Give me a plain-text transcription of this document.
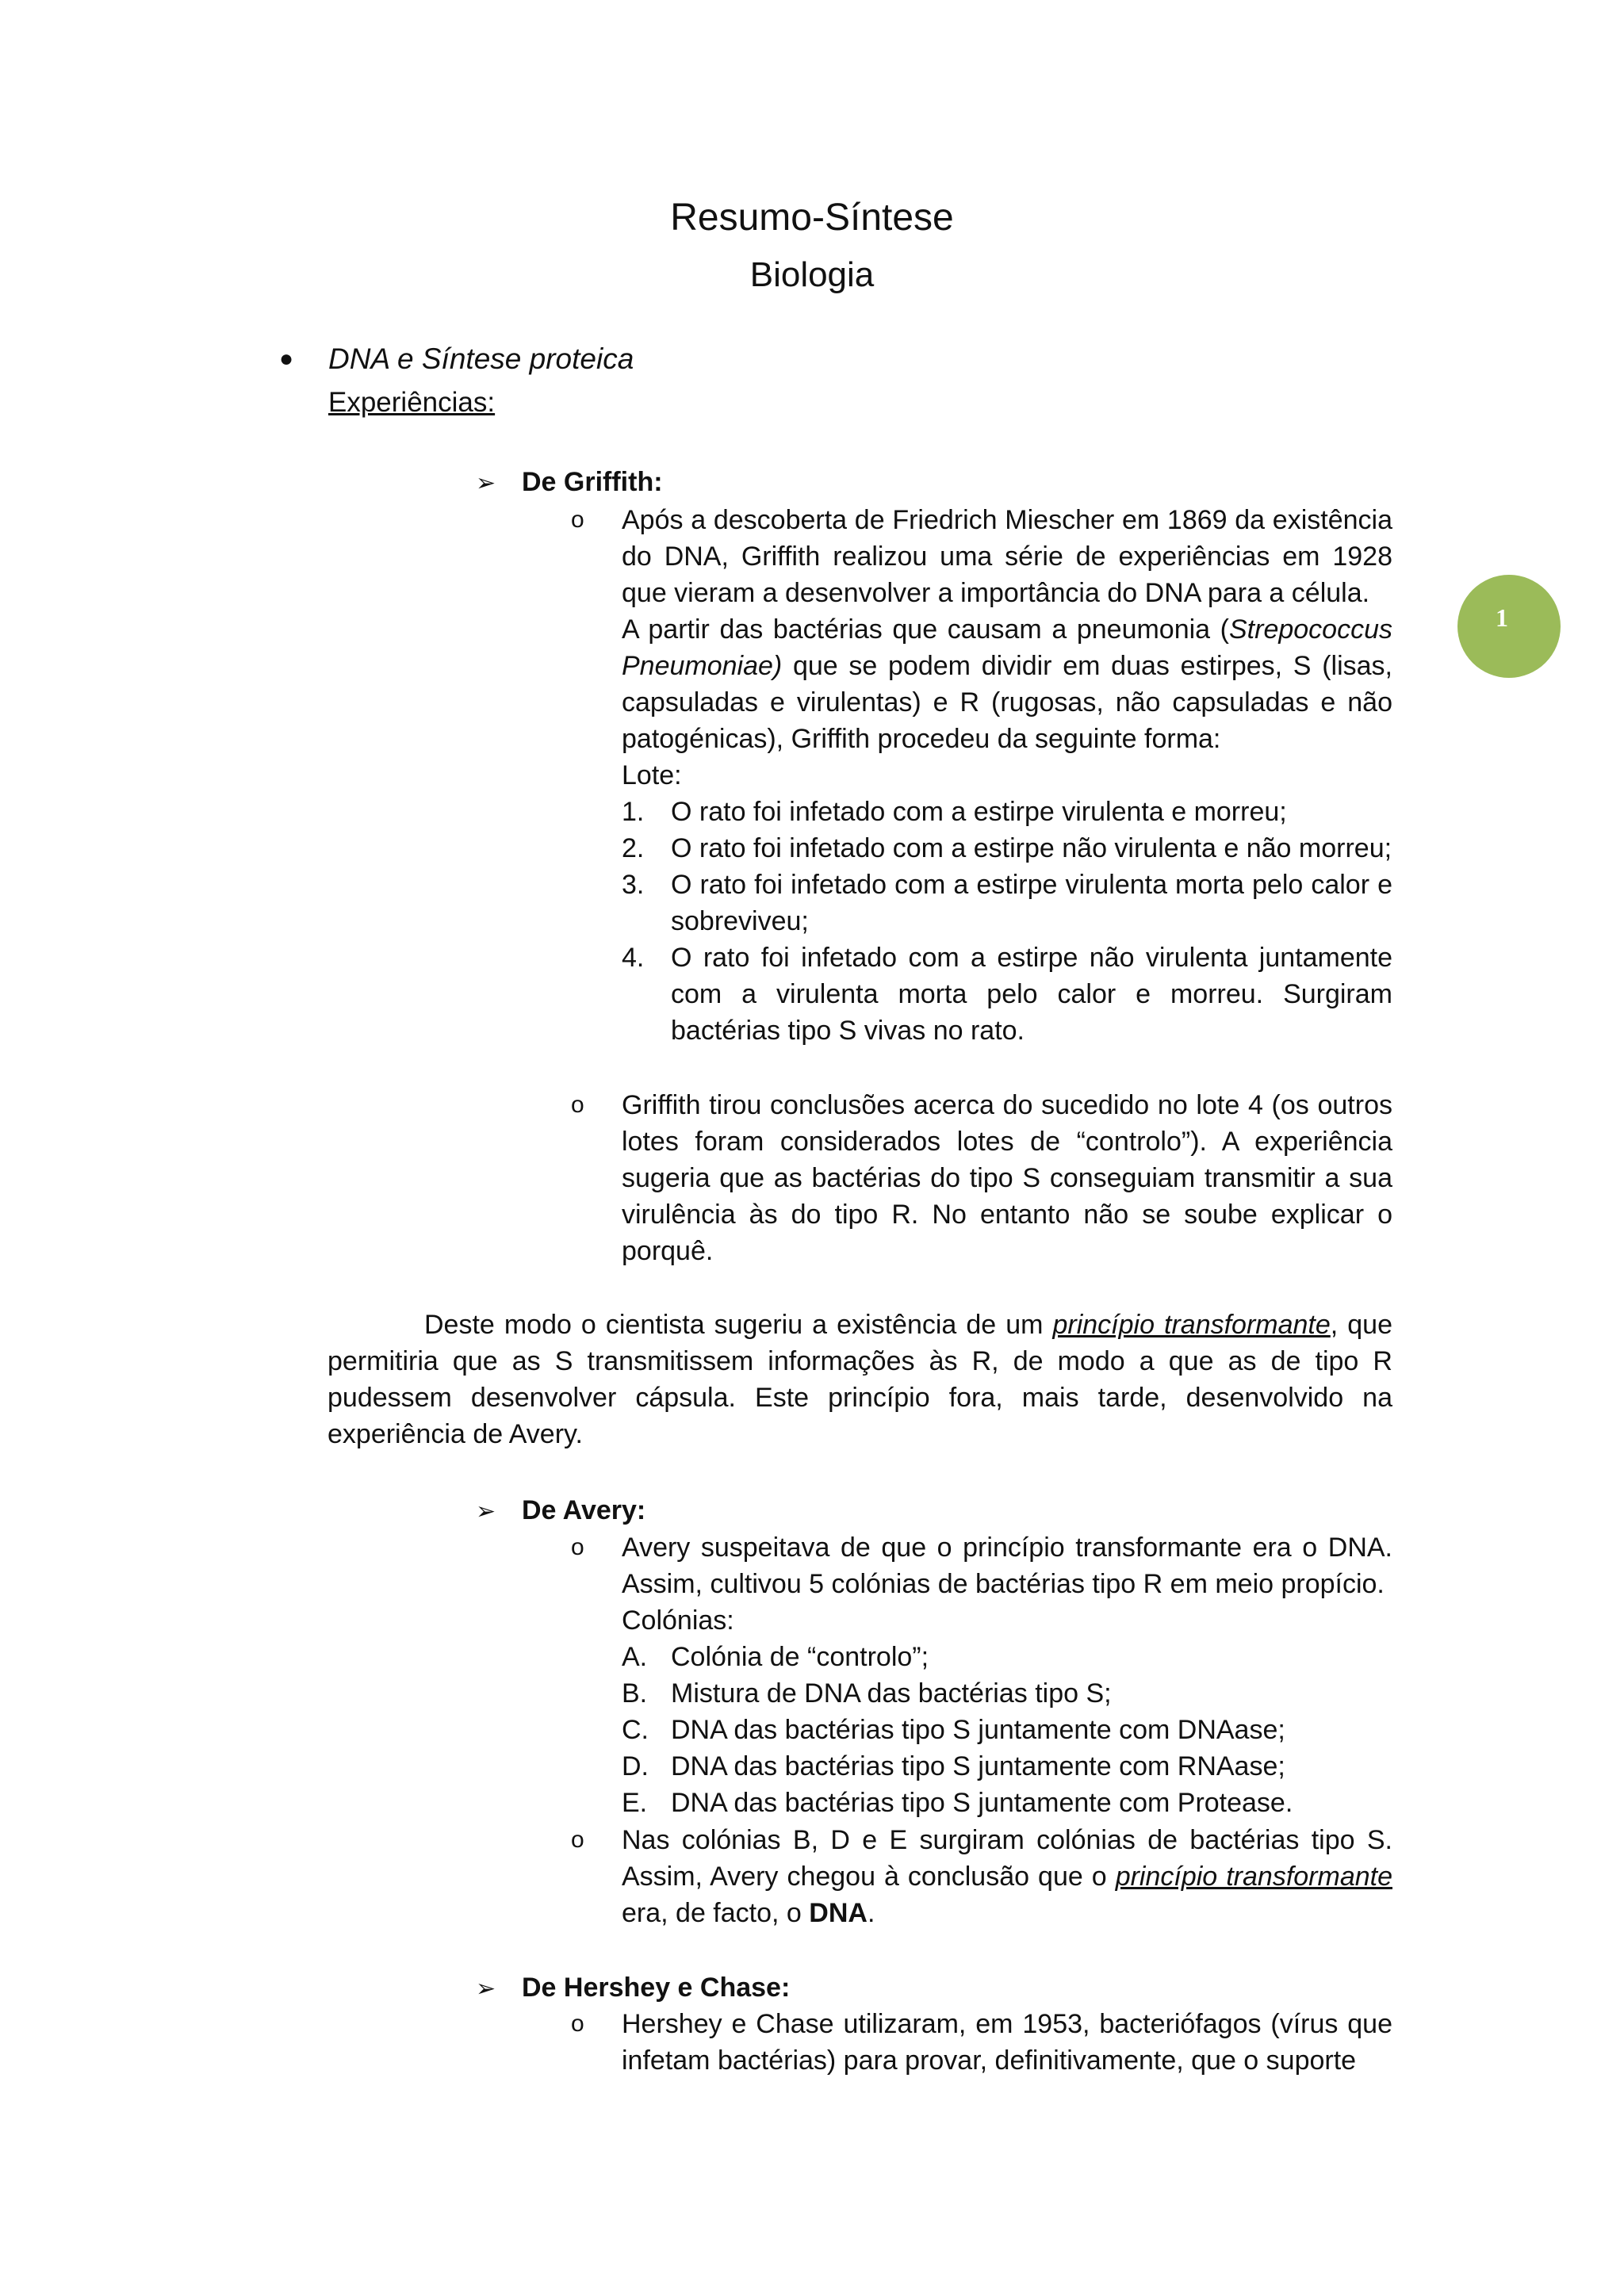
Resumo-Síntese
Biologia
1
● DNA e Síntese proteica
Experiências:
➢ De Griffith:
o Após a descoberta de Friedrich Miescher em 1869 da existência do DNA, Griffith realizou uma série de experiências em 1928 que vieram a desenvolver a importância do DNA para a célula.

A partir das bactérias que causam a pneumonia (Strepococcus Pneumoniae) que se podem dividir em duas estirpes, S (lisas, capsuladas e virulentas) e R (rugosas, não capsuladas e não patogénicas), Griffith procedeu da seguinte forma:

Lote:

1. O rato foi infetado com a estirpe virulenta e morreu;
2. O rato foi infetado com a estirpe não virulenta e não morreu;
3. O rato foi infetado com a estirpe virulenta morta pelo calor e sobreviveu;
4. O rato foi infetado com a estirpe não virulenta juntamente com a virulenta morta pelo calor e morreu. Surgiram bactérias tipo S vivas no rato.
o Griffith tirou conclusões acerca do sucedido no lote 4 (os outros lotes foram considerados lotes de “controlo”). A experiência sugeria que as bactérias do tipo S conseguiam transmitir a sua virulência às do tipo R. No entanto não se soube explicar o porquê.

Deste modo o cientista sugeriu a existência de um princípio transformante, que permitiria que as S transmitissem informações às R, de modo a que as de tipo R pudessem desenvolver cápsula. Este princípio fora, mais tarde, desenvolvido na experiência de Avery.
➢ De Avery:
o Avery suspeitava de que o princípio transformante era o DNA. Assim, cultivou 5 colónias de bactérias tipo R em meio propício.

Colónias:

A. Colónia de “controlo”;
B. Mistura de DNA das bactérias tipo S;
C. DNA das bactérias tipo S juntamente com DNAase;
D. DNA das bactérias tipo S juntamente com RNAase;
E. DNA das bactérias tipo S juntamente com Protease.
o Nas colónias B, D e E surgiram colónias de bactérias tipo S. Assim, Avery chegou à conclusão que o princípio transformante era, de facto, o DNA.

➢ De Hershey e Chase:
o Hershey e Chase utilizaram, em 1953, bacteriófagos (vírus que infetam bactérias) para provar, definitivamente, que o suporte
